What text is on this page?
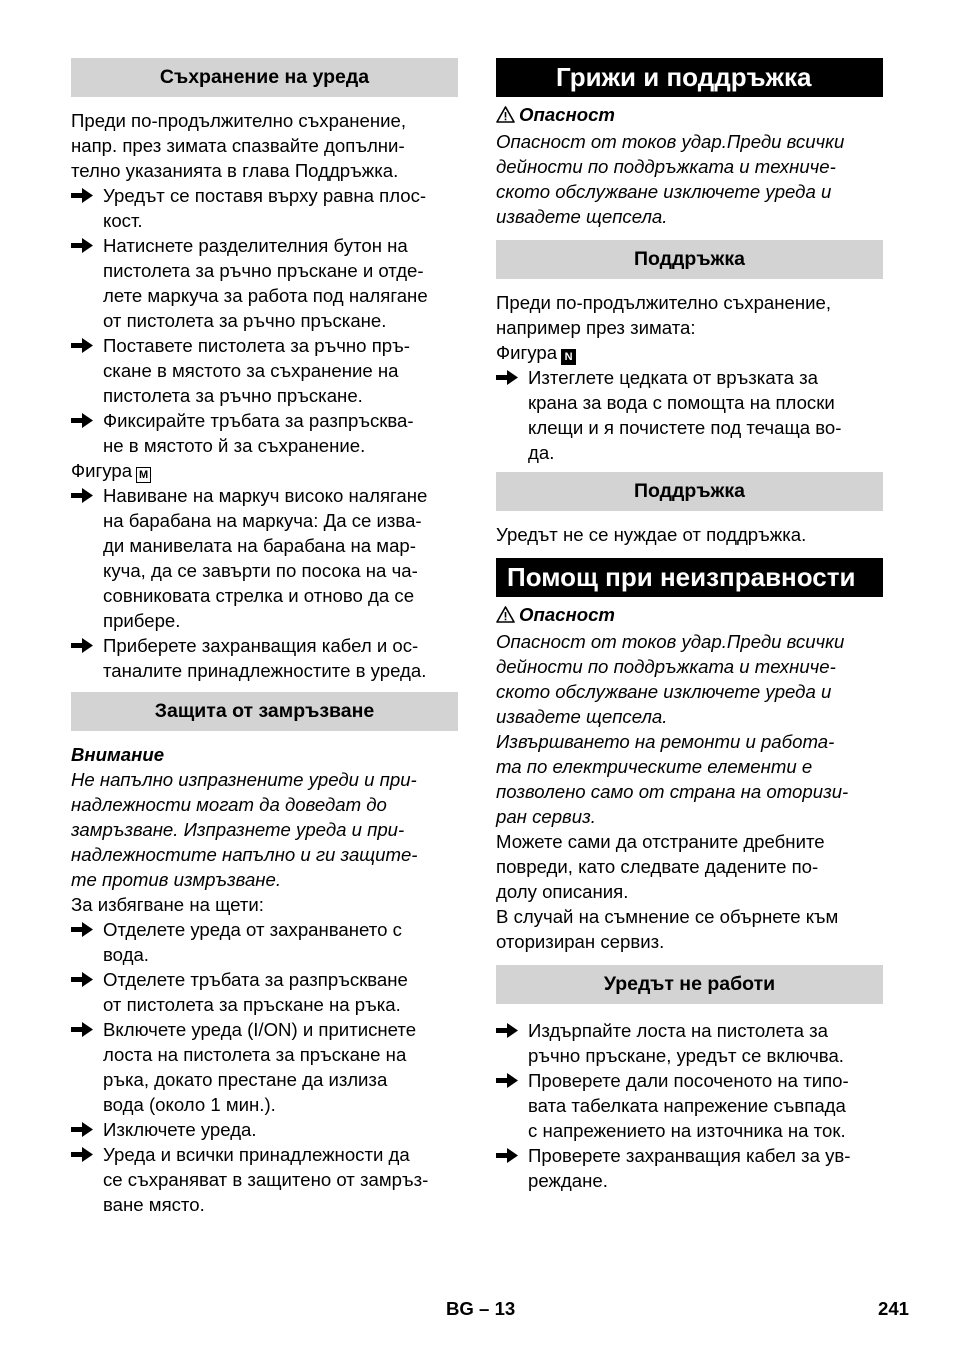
Съхранение на уреда
Преди по-продължително съхранение,
напр. през зимата спазвайте допълни-
телно указанията в глава Поддръжка.
Уредът се поставя върху равна плос-
кост.
Натиснете разделителния бутон на
пистолета за ръчно пръскане и отде-
лете маркуча за работа под налягане
от пистолета за ръчно пръскане.
Поставете пистолета за ръчно пръ-
скане в мястото за съхранение на
пистолета за ръчно пръскане.
Фиксирайте тръбата за разпръсква-
не в мястото й за съхранение.

Фигура M

Навиване на маркуч високо налягане
на барабана на маркуча: Да се изва-
ди манивелата на барабана на мар-
куча, да се завърти по посока на ча-
совниковата стрелка и отново да се
прибере.
Приберете захранващия кабел и ос-
таналите принадлежностите в уреда.
Защита от замръзване

Внимание

Не напълно изпразнените уреди и при-
надлежности могат да доведат до
замръзване. Изпразнете уреда и при-
надлежностите напълно и ги защите-
те против измръзване.

За избягване на щети:

Отделете уреда от захранването с
вода.
Отделете тръбата за разпръскване
от пистолета за пръскане на ръка.
Включете уреда (I/ON) и притиснете
лоста на пистолета за пръскане на
ръка, докато престане да излиза
вода (около 1 мин.).
Изключете уреда.
Уреда и всички принадлежности да
се съхраняват в защитено от замръз-
ване място.
Грижи и поддръжка

Опасност

Опасност от токов удар.Преди всички
дейности по поддръжката и техниче-
ското обслужване изключете уреда и
извадете щепсела.
Поддръжка
Преди по-продължително съхранение,
например през зимата:

Фигура N

Изтеглете цедката от връзката за
крана за вода с помощта на плоски
клещи и я почистете под течаща во-
да.
Поддръжка

Уредът не се нуждае от поддръжка.

Помощ при неизправности

Опасност

Опасност от токов удар.Преди всички
дейности по поддръжката и техниче-
ското обслужване изключете уреда и
извадете щепсела.
Извършването на ремонти и работа-
та по електрическите елементи е
позволено само от страна на оторизи-
ран сервиз.
Можете сами да отстраните дребните
повреди, като следвате дадените по-
долу описания.
В случай на съмнение се обърнете към
оторизиран сервиз.
Уредът не работи
Издърпайте лоста на пистолета за
ръчно пръскане, уредът се включва.
Проверете дали посоченото на типо-
вата табелката напрежение съвпада
с напрежението на източника на ток.
Проверете захранващия кабел за ув-
реждане.
BG – 13	241
